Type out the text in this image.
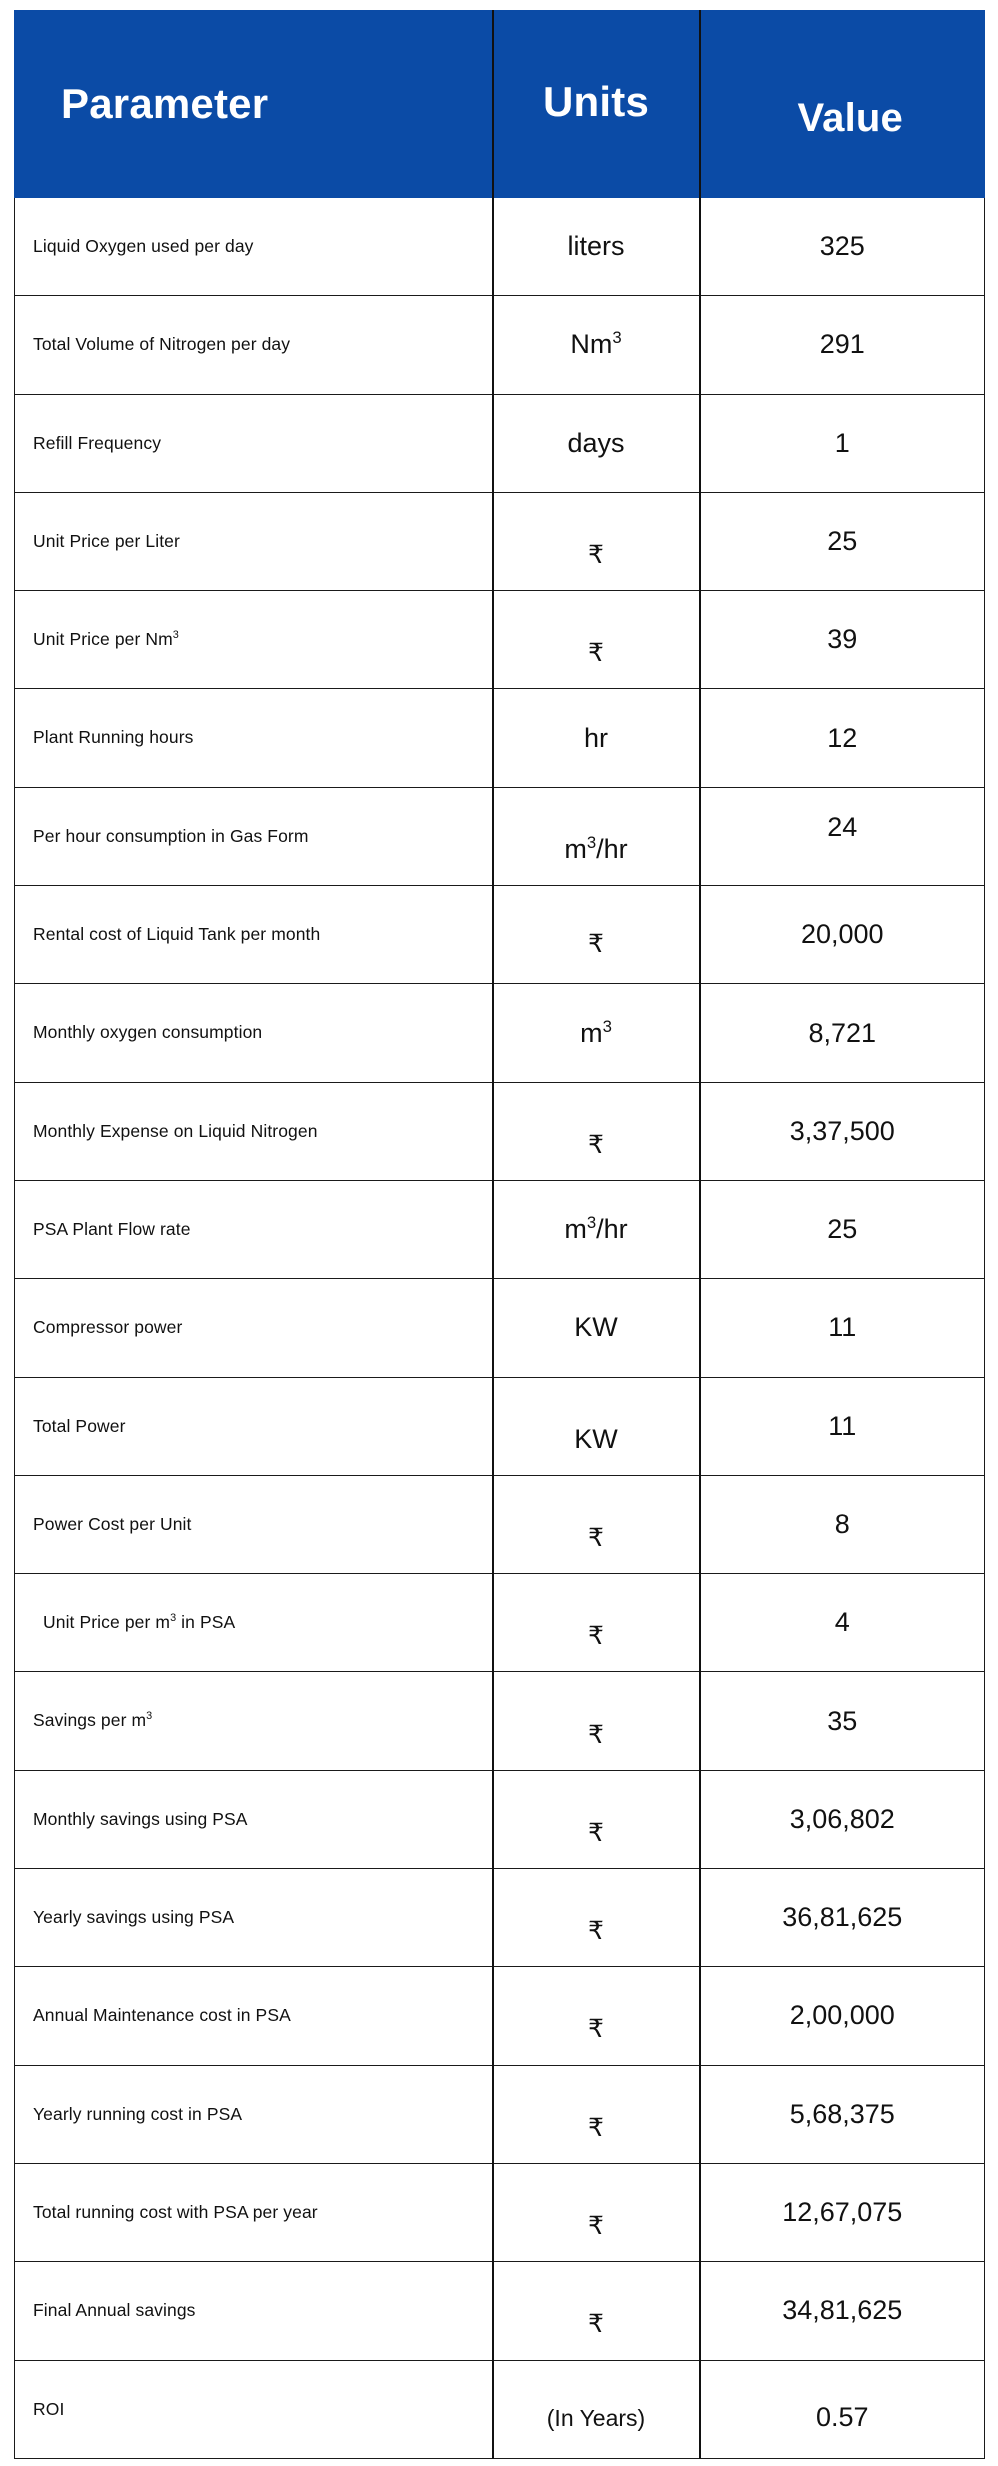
Parameter	Units	Value

Liquid Oxygen used per day	liters	325
Total Volume of Nitrogen per day	Nm$^3$	291
Refill Frequency	days	1
Unit Price per Liter	₹	25
Unit Price per Nm$^3$	₹	39
Plant Running hours	hr	12
Per hour consumption in Gas Form	$m^3/hr$	24
Rental cost of Liquid Tank per month	₹	20,000
Monthly oxygen consumption	$m^3$	8,721
Monthly Expense on Liquid Nitrogen	₹	3,37,500
PSA Plant Flow rate	$m^3/hr$	25
Compressor power	KW	11
Total Power	KW	11
Power Cost per Unit	₹	8
Unit Price per $m^3$ in PSA	₹	4
Savings per $m^3$	₹	35
Monthly savings using PSA	₹	3,06,802
Yearly savings using PSA	₹	36,81,625
Annual Maintenance cost in PSA	₹	2,00,000
Yearly running cost in PSA	₹	5,68,375
Total running cost with PSA per year	₹	12,67,075
Final Annual savings	₹	34,81,625
ROI	(In Years)	0.57
